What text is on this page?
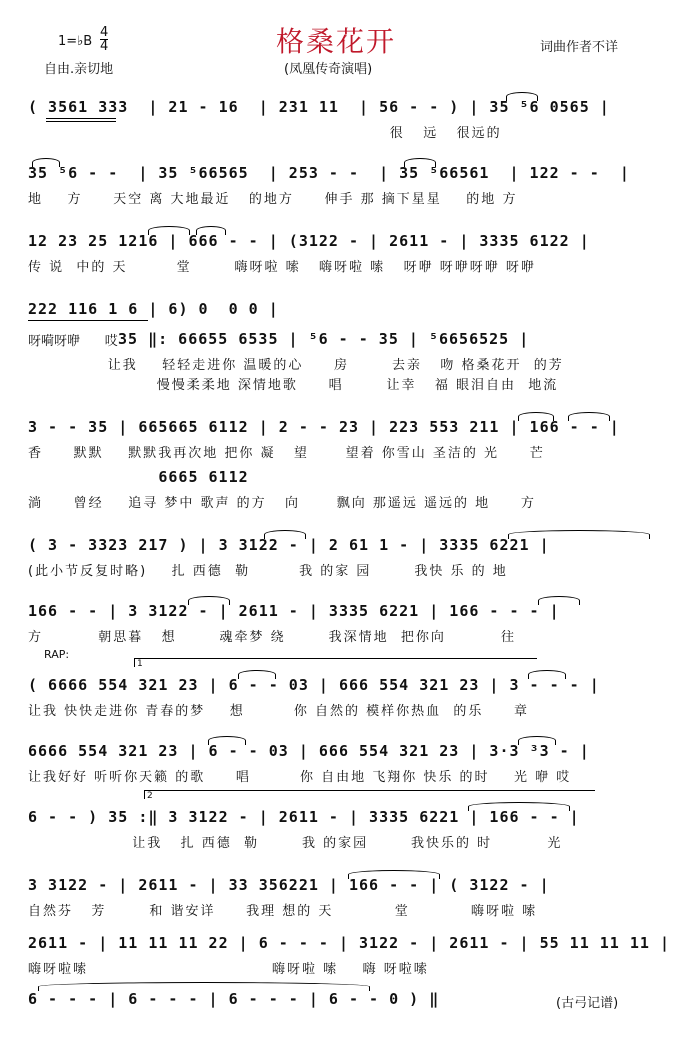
1=♭B $\frac{4}{4}$
自由.亲切地
格桑花开
(凤凰传奇演唱)
词曲作者不详
( 3561 333  | 21 - 16  | 231 11  | 56 - - ) | 35 ⁵6 0565 |
很   远   很远的
35 ⁵6 - -  | 35 ⁵66565  | 253 - -  | 35 ⁵66561  | 122 - -  |
地    方     天空 离 大地最近   的地方     伸手 那 摘下星星    的地 方
12 23 25 1216 | 666 - - | (3122 - | 2611 - | 3335 6122 |
传 说  中的 天        堂       嗨呀啦 嗦   嗨呀啦 嗦   呀咿 呀咿呀咿 呀咿
222 116 1 6 | 6) 0  0 0 |
35 ‖: 66655 6535 | ⁵6 - - 35 | ⁵6656525 |
让我    轻轻走进你 温暖的心     房       去亲   吻 格桑花开  的芳
慢慢柔柔地 深情地歌     唱       让幸   福 眼泪自由  地流
呀嗬呀咿      哎
3 - - 35 | 665665 6112 | 2 - - 23 | 223 553 211 | 166 - - |
香     默默    默默我再次地 把你 凝   望      望着 你雪山 圣洁的 光     芒
6665 6112
淌     曾经    追寻 梦中 歌声 的方   向      飘向 那遥远 遥远的 地     方
( 3 - 3323 217 ) | 3 3122 - | 2 61 1 - | 3335 6221 |
(此小节反复时略)    扎 西德  勒        我 的家 园       我快 乐 的 地
166 - - | 3 3122 - | 2611 - | 3335 6221 | 166 - - - |
方         朝思暮   想       魂牵梦 绕       我深情地  把你向         往
RAP:
1
( 6666 554 321 23 | 6 - - 03 | 666 554 321 23 | 3 - - - |
让我 快快走进你 青春的梦    想        你 自然的 模样你热血  的乐     章
6666 554 321 23 | 6 - - 03 | 666 554 321 23 | 3·3 ³3 - |
让我好好 听听你天籁 的歌     唱        你 自由地 飞翔你 快乐 的时    光 咿 哎
2
6 - - ) 35 :‖ 3 3122 - | 2611 - | 3335 6221 | 166 - - |
让我   扎 西德  勒       我 的家园       我快乐的 时         光
3 3122 - | 2611 - | 33 356221 | 166 - - | ( 3122 - |
自然芬   芳       和 谐安详     我理 想的 天          堂          嗨呀啦 嗦
2611 - | 11 11 11 22 | 6 - - - | 3122 - | 2611 - | 55 11 11 11 |
嗨呀啦嗦                              嗨呀啦 嗦    嗨 呀啦嗦
6 - - - | 6 - - - | 6 - - - | 6 - - 0 ) ‖	(古弓记谱)
